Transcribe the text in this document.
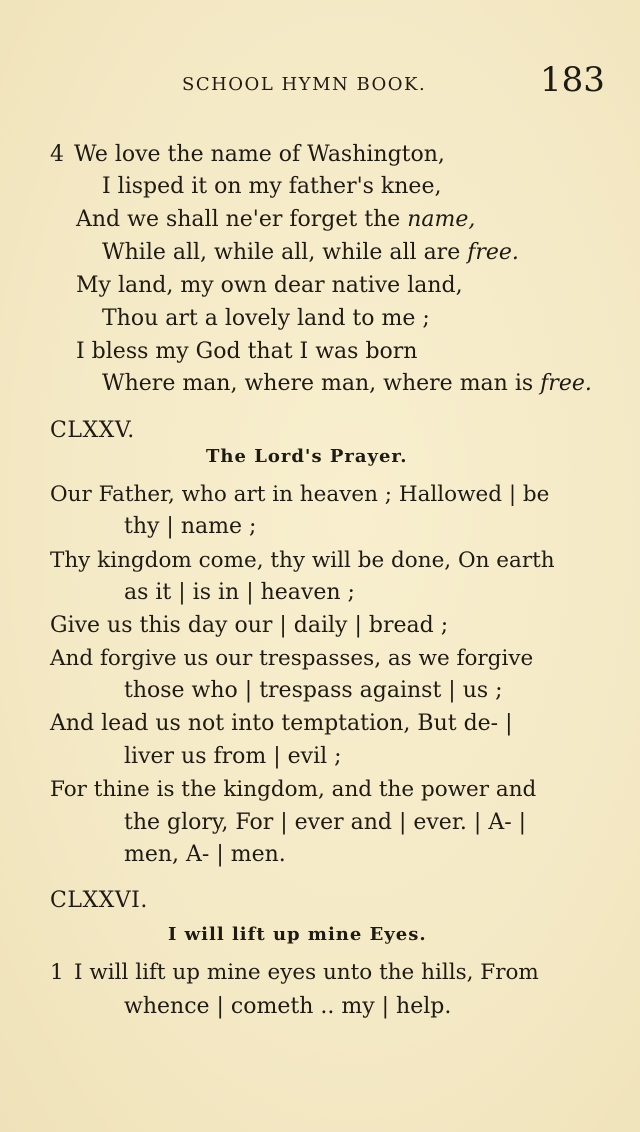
SCHOOL HYMN BOOK.	183
4 We love the name of Washington,
I lisped it on my father's knee,
And we shall ne'er forget the name,
While all, while all, while all are free.
My land, my own dear native land,
Thou art a lovely land to me ;
I bless my God that I was born
Where man, where man, where man is free.
CLXXV.
The Lord's Prayer.
Our Father, who art in heaven ; Hallowed | be
thy | name ;
Thy kingdom come, thy will be done, On earth
as it | is in | heaven ;
Give us this day our | daily | bread ;
And forgive us our trespasses, as we forgive
those who | trespass against | us ;
And lead us not into temptation, But de- |
liver us from | evil ;
For thine is the kingdom, and the power and
the glory, For | ever and | ever. | A- |
men, A- | men.
CLXXVI.
I will lift up mine Eyes.
1 I will lift up mine eyes unto the hills, From
whence | cometh .. my | help.
